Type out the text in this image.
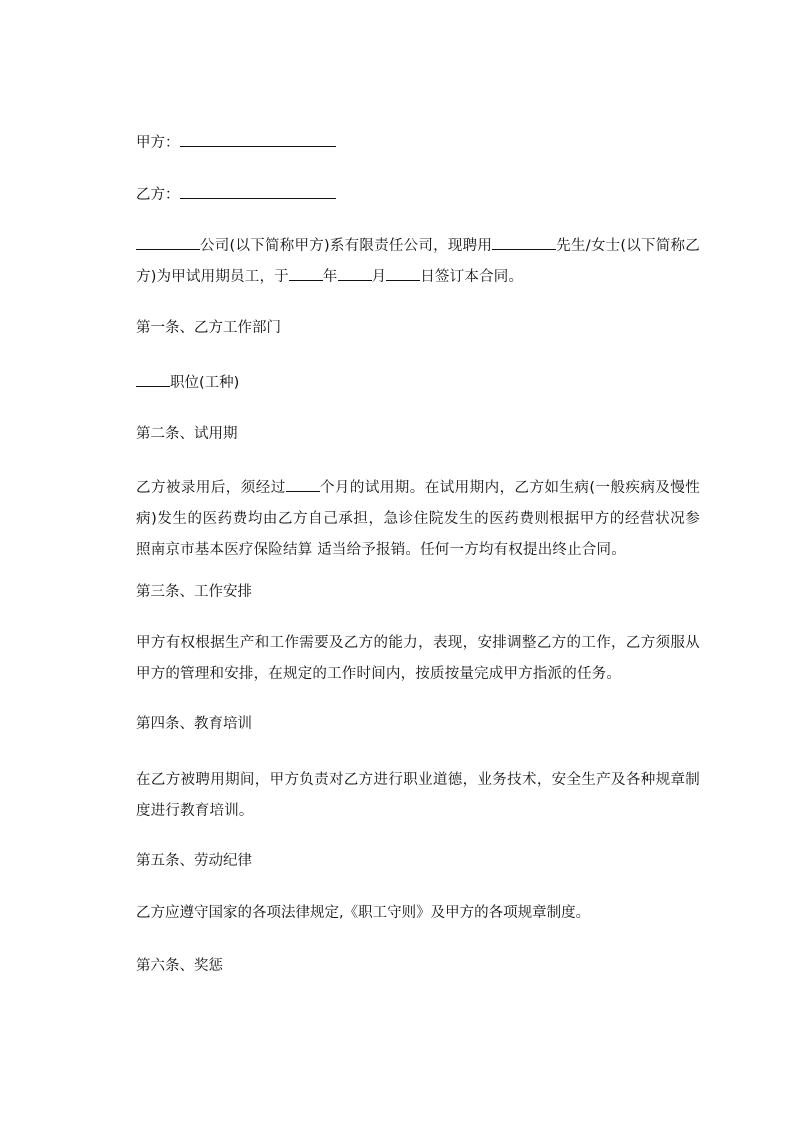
甲方：
乙方：
公司(以下简称甲方)系有限责任公司，现聘用	先生/女士(以下简称乙方)为甲试用期员工，于 年 月 日签订本合同。
第一条、乙方工作部门
职位(工种)
第二条、试用期
乙方被录用后，须经过 个月的试用期。在试用期内，乙方如生病(一般疾病及慢性病)发生的医药费均由乙方自己承担，急诊住院发生的医药费则根据甲方的经营状况参照南京市基本医疗保险结算 适当给予报销。任何一方均有权提出终止合同。
第三条、工作安排
甲方有权根据生产和工作需要及乙方的能力，表现，安排调整乙方的工作，乙方须服从甲方的管理和安排，在规定的工作时间内，按质按量完成甲方指派的任务。
第四条、教育培训
在乙方被聘用期间，甲方负责对乙方进行职业道德，业务技术，安全生产及各种规章制度进行教育培训。
第五条、劳动纪律
乙方应遵守国家的各项法律规定,《职工守则》及甲方的各项规章制度。
第六条、奖惩
